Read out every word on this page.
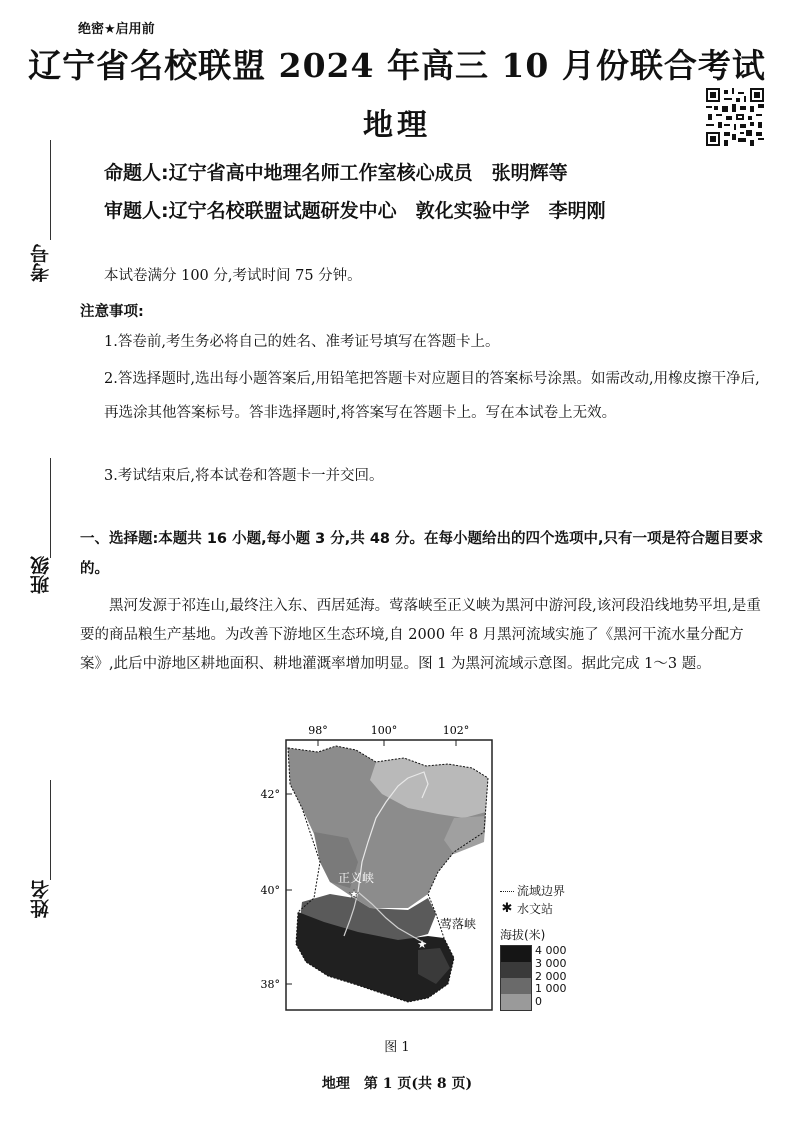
绝密★启用前
辽宁省名校联盟 2024 年高三 10 月份联合考试
地理
命题人:辽宁省高中地理名师工作室核心成员　张明辉等
审题人:辽宁名校联盟试题研发中心　敦化实验中学　李明刚
考号
班级
姓名
本试卷满分 100 分,考试时间 75 分钟。
注意事项:
1.答卷前,考生务必将自己的姓名、准考证号填写在答题卡上。
2.答选择题时,选出每小题答案后,用铅笔把答题卡对应题目的答案标号涂黑。如需改动,用橡皮擦干净后,再选涂其他答案标号。答非选择题时,将答案写在答题卡上。写在本试卷上无效。
3.考试结束后,将本试卷和答题卡一并交回。
一、选择题:本题共 16 小题,每小题 3 分,共 48 分。在每小题给出的四个选项中,只有一项是符合题目要求的。
黑河发源于祁连山,最终注入东、西居延海。莺落峡至正义峡为黑河中游河段,该河段沿线地势平坦,是重要的商品粮生产基地。为改善下游地区生态环境,自 2000 年 8 月黑河流域实施了《黑河干流水量分配方案》,此后中游地区耕地面积、耕地灌溉率增加明显。图 1 为黑河流域示意图。据此完成 1～3 题。
★
★
98°	100°	102°
42°
40°
38°
正义峡
莺落峡
流域边界
✱ 水文站
海拔(米)
4 000
3 000
2 000
1 000
0
图 1
地理　第 1 页(共 8 页)
